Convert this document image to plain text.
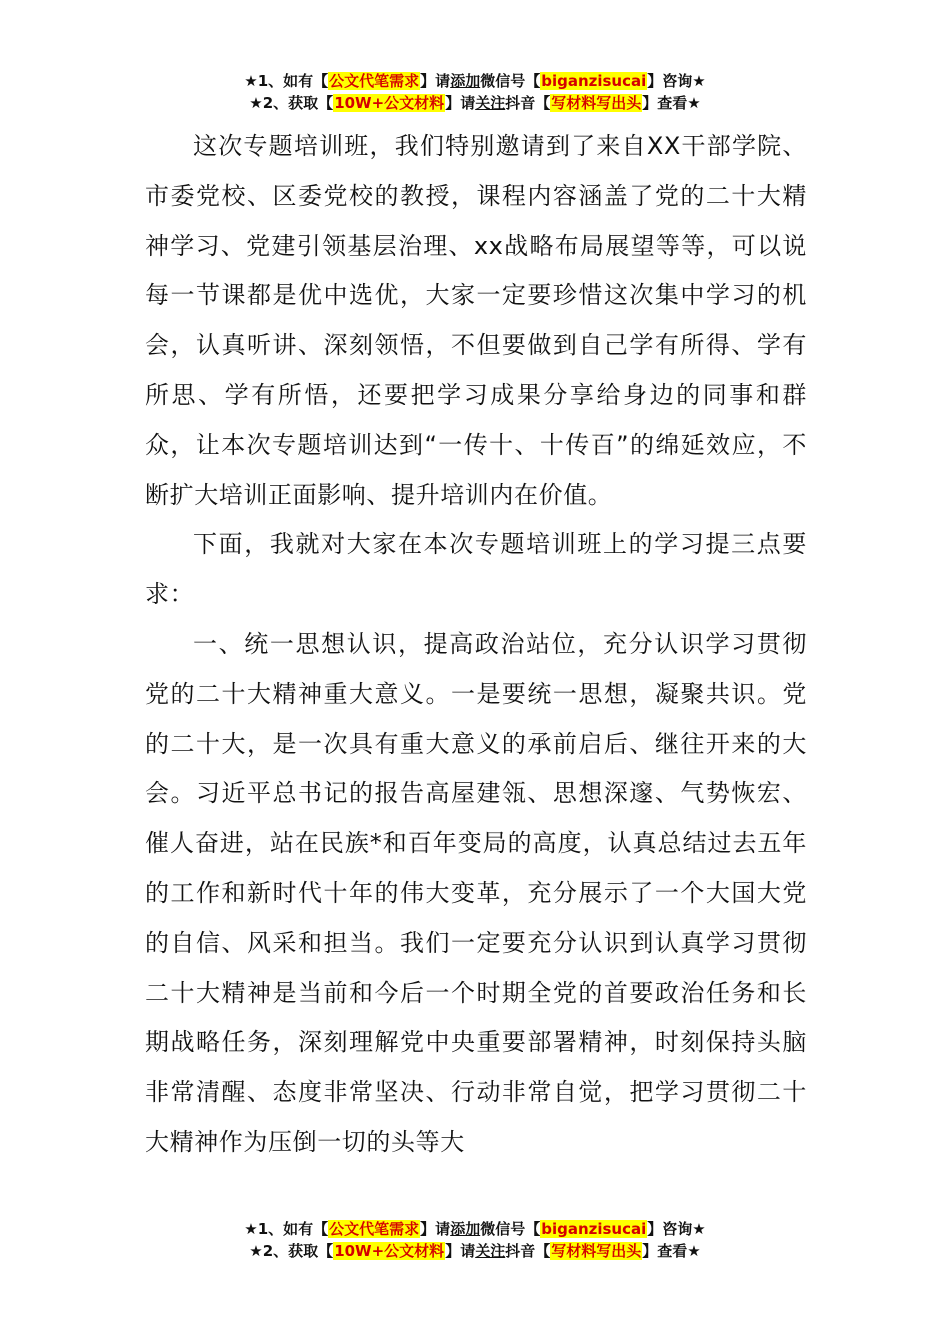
★1、如有【公文代笔需求】请添加微信号【biganzisucai】咨询★
★2、获取【10W+公文材料】请关注抖音【写材料写出头】查看★

这次专题培训班，我们特别邀请到了来自XX干部学院、市委党校、区委党校的教授，课程内容涵盖了党的二十大精神学习、党建引领基层治理、xx战略布局展望等等，可以说每一节课都是优中选优，大家一定要珍惜这次集中学习的机会，认真听讲、深刻领悟，不但要做到自己学有所得、学有所思、学有所悟，还要把学习成果分享给身边的同事和群众，让本次专题培训达到“一传十、十传百”的绵延效应，不断扩大培训正面影响、提升培训内在价值。

下面，我就对大家在本次专题培训班上的学习提三点要求：

一、统一思想认识，提高政治站位，充分认识学习贯彻党的二十大精神重大意义。一是要统一思想，凝聚共识。党的二十大，是一次具有重大意义的承前启后、继往开来的大会。习近平总书记的报告高屋建瓴、思想深邃、气势恢宏、催人奋进，站在民族*和百年变局的高度，认真总结过去五年的工作和新时代十年的伟大变革，充分展示了一个大国大党的自信、风采和担当。我们一定要充分认识到认真学习贯彻二十大精神是当前和今后一个时期全党的首要政治任务和长期战略任务，深刻理解党中央重要部署精神，时刻保持头脑非常清醒、态度非常坚决、行动非常自觉，把学习贯彻二十大精神作为压倒一切的头等大

★1、如有【公文代笔需求】请添加微信号【biganzisucai】咨询★
★2、获取【10W+公文材料】请关注抖音【写材料写出头】查看★
